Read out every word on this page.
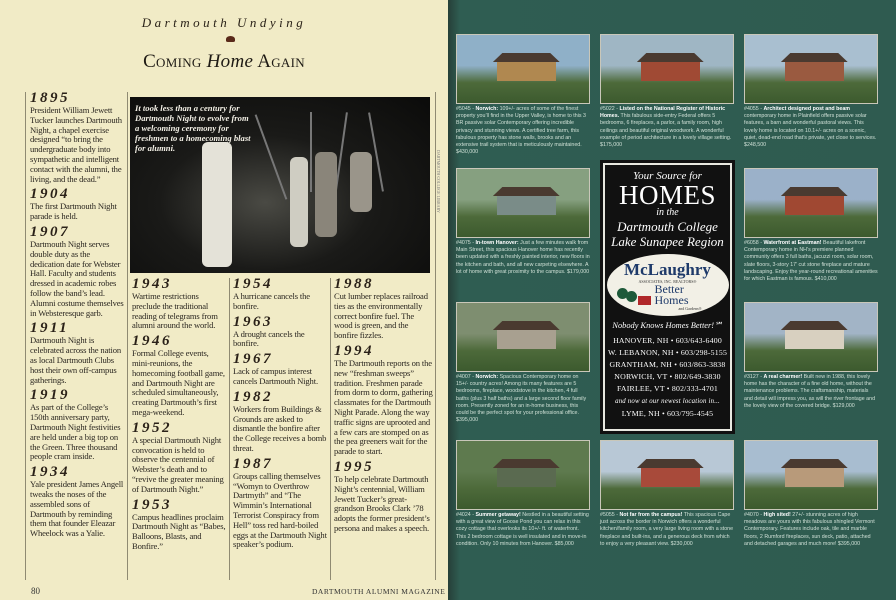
Dartmouth Undying
Coming Home Again
It took less than a century for Dartmouth Night to evolve from a welcoming ceremony for freshmen to a homecoming blast for alumni.
DARTMOUTH COLLEGE LIBRARY
1895

President William Jewett Tucker launches Dartmouth Night, a chapel exercise designed “to bring the undergraduate body into sympathetic and intelligent contact with the alumni, the living, and the dead.”

1904

The first Dartmouth Night parade is held.

1907

Dartmouth Night serves double duty as the dedication date for Webster Hall. Faculty and students dressed in academic robes follow the band’s lead. Alumni costume themselves in Websteresque garb.

1911

Dartmouth Night is celebrated across the nation as local Dartmouth Clubs host their own off-campus gatherings.

1919

As part of the College’s 150th anniversary party, Dartmouth Night festivities are held under a big top on the Green. Three thousand people cram inside.

1934

Yale president James Angell tweaks the noses of the assembled sons of Dartmouth by reminding them that founder Eleazar Wheelock was a Yalie.

1943

Wartime restrictions preclude the traditional reading of telegrams from alumni around the world.

1946

Formal College events, mini-reunions, the homecoming football game, and Dartmouth Night are scheduled simultaneously, creating Dartmouth’s first mega-weekend.

1952

A special Dartmouth Night convocation is held to observe the centennial of Webster’s death and to “revive the greater meaning of Dartmouth Night.”

1953

Campus headlines proclaim Dartmouth Night as “Babes, Balloons, Blasts, and Bonfire.”

1954

A hurricane cancels the bonfire.

1963

A drought cancels the bonfire.

1967

Lack of campus interest cancels Dartmouth Night.

1982

Workers from Buildings & Grounds are asked to dismantle the bonfire after the College receives a bomb threat.

1987

Groups calling themselves “Womyn to Overthrow Dartmyth” and “The Wimmin’s International Terrorist Conspiracy from Hell” toss red hard-boiled eggs at the Dartmouth Night speaker’s podium.

1988

Cut lumber replaces railroad ties as the environmentally correct bonfire fuel. The wood is green, and the bonfire fizzles.

1994

The Dartmouth reports on the new “freshman sweeps” tradition. Freshmen parade from dorm to dorm, gathering classmates for the Dartmouth Night Parade. Along the way traffic signs are uprooted and a few cars are stomped on as the pea greeners wait for the parade to start.

1995

To help celebrate Dartmouth Night’s centennial, William Jewett Tucker’s great-grandson Brooks Clark ’78 adopts the former president’s persona and makes a speech.

80	DARTMOUTH ALUMNI MAGAZINE
#5045 - Norwich: 109+/- acres of some of the finest property you’ll find in the Upper Valley, is home to this 3 BR passive solar Contemporary offering incredible privacy and stunning views. A certified tree farm, this fabulous property has stone walls, brooks and an extensive trail system that is meticulously maintained. $430,000
#5022 - Listed on the National Register of Historic Homes. This fabulous side-entry Federal offers 5 bedrooms, 6 fireplaces, a parlor, a family room, high ceilings and beautiful original woodwork. A wonderful example of period architecture in a lovely village setting. $175,000
#4055 - Architect designed post and beam contemporary home in Plainfield offers passive solar features, a barn and wonderful pastoral views. This lovely home is located on 10.1+/- acres on a scenic, quiet, dead-end road that’s private, yet close to services. $248,500
#4075 - In-town Hanover: Just a few minutes walk from Main Street, this spacious Hanover home has recently been updated with a freshly painted interior, new floors in the kitchen and bath, and all new carpeting elsewhere. A lot of home with great proximity to the campus. $179,000
#6058 - Waterfront at Eastman! Beautiful lakefront Contemporary home in NH’s premiere planned community offers 3 full baths, jacuzzi room, solar room, slate floors, 3-story 17’ cut stone fireplace and mature landscaping. Enjoy the year-round recreational amenities for which Eastman is famous. $410,000
#4007 - Norwich: Spacious Contemporary home on 15+/- country acres! Among its many features are 5 bedrooms, fireplace, woodstove in the kitchen, 4 full baths (plus 3 half baths) and a large second floor family room. Presently zoned for an in-home business, this could be the perfect spot for your professional office. $395,000
#3127 - A real charmer! Built new in 1988, this lovely home has the character of a fine old home, without the maintenance problems. The craftsmanship, materials and detail will impress you, as will the river frontage and the lovely view of the covered bridge. $129,000
#4024 - Summer getaway! Nestled in a beautiful setting with a great view of Goose Pond you can relax in this cozy cottage that overlooks its 10+/- ft. of waterfront. This 2 bedroom cottage is well insulated and in move-in condition. Only 10 minutes from Hanover. $85,000
#5055 - Not far from the campus! This spacious Cape just across the border in Norwich offers a wonderful kitchen/family room, a very large living room with a stone fireplace and built-ins, and a generous deck from which to enjoy a very pleasant view. $230,000
#4070 - High sited! 27+/- stunning acres of high meadows are yours with this fabulous shingled Vermont Contemporary. Features include oak, tile and marble floors, 2 Rumford fireplaces, sun deck, patio, attached and detached garages and much more! $395,000
Your Source for
HOMES
in the
Dartmouth College
Lake Sunapee Region
McLaughry
ASSOCIATES, INC. REALTORS®
Better
Homes
and Gardens®
Nobody Knows Homes Better!℠
HANOVER, NH • 603/643-6400
W. LEBANON, NH • 603/298-5155
GRANTHAM, NH • 603/863-3838
NORWICH, VT • 802/649-3830
FAIRLEE, VT • 802/333-4701
and now at our newest location in...
LYME, NH • 603/795-4545
